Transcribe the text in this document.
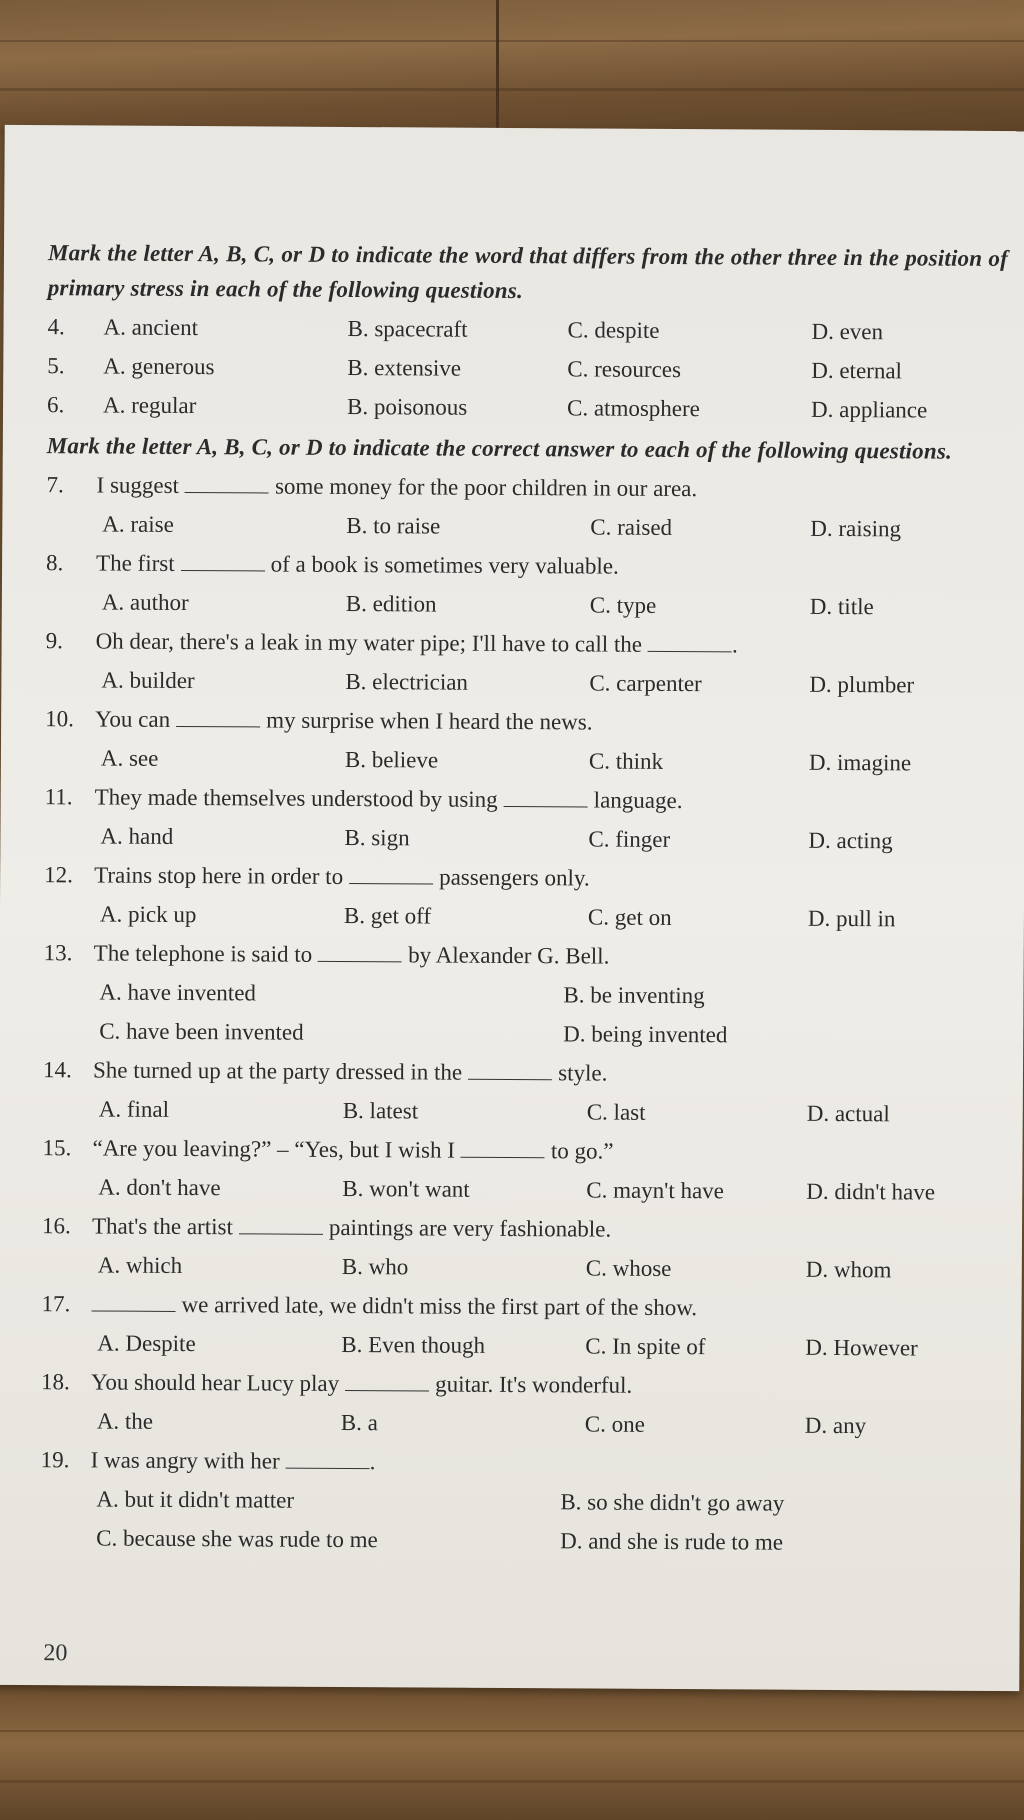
Mark the letter A, B, C, or D to indicate the word that differs from the other three in the position of primary stress in each of the following questions.
4.	A. ancient	B. spacecraft	C. despite	D. even
5.	A. generous	B. extensive	C. resources	D. eternal
6.	A. regular	B. poisonous	C. atmosphere	D. appliance
Mark the letter A, B, C, or D to indicate the correct answer to each of the following questions.
7.	I suggest	some money for the poor children in our area.
A. raise	B. to raise	C. raised	D. raising
8.	The first	of a book is sometimes very valuable.
A. author	B. edition	C. type	D. title
9.	Oh dear, there's a leak in my water pipe; I'll have to call the	.
A. builder	B. electrician	C. carpenter	D. plumber
10. You can	my surprise when I heard the news.
A. see	B. believe	C. think	D. imagine
11. They made themselves understood by using	language.
A. hand	B. sign	C. finger	D. acting
12. Trains stop here in order to	passengers only.
A. pick up	B. get off	C. get on	D. pull in
13. The telephone is said to	by Alexander G. Bell.
A. have invented	B. be inventing
C. have been invented	D. being invented
14. She turned up at the party dressed in the	style.
A. final	B. latest	C. last	D. actual
15. “Are you leaving?” – “Yes, but I wish I	to go.”
A. don't have	B. won't want	C. mayn't have	D. didn't have
16. That's the artist	paintings are very fashionable.
A. which	B. who	C. whose	D. whom
17.	we arrived late, we didn't miss the first part of the show.
A. Despite	B. Even though	C. In spite of	D. However
18. You should hear Lucy play	guitar. It's wonderful.
A. the	B. a	C. one	D. any
19. I was angry with her	.
A. but it didn't matter	B. so she didn't go away
C. because she was rude to me	D. and she is rude to me
20
